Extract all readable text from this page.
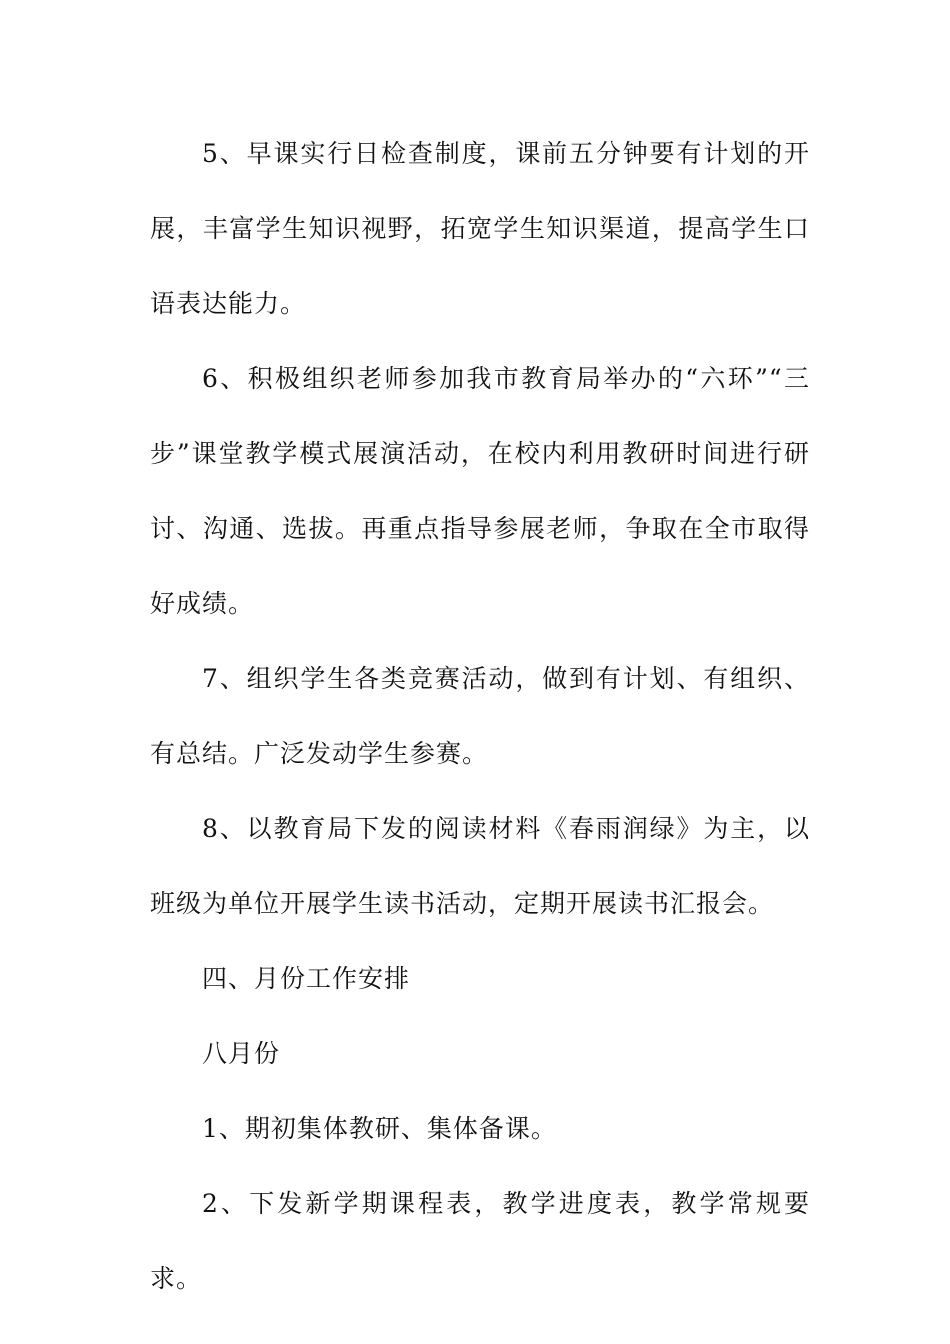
5、早课实行日检查制度，课前五分钟要有计划的开展，丰富学生知识视野，拓宽学生知识渠道，提高学生口语表达能力。

6、积极组织老师参加我市教育局举办的“六环”“三步”课堂教学模式展演活动，在校内利用教研时间进行研讨、沟通、选拔。再重点指导参展老师，争取在全市取得好成绩。

7、组织学生各类竞赛活动，做到有计划、有组织、有总结。广泛发动学生参赛。

8、以教育局下发的阅读材料《春雨润绿》为主，以班级为单位开展学生读书活动，定期开展读书汇报会。

四、月份工作安排

八月份

1、期初集体教研、集体备课。

2、下发新学期课程表，教学进度表，教学常规要求。
